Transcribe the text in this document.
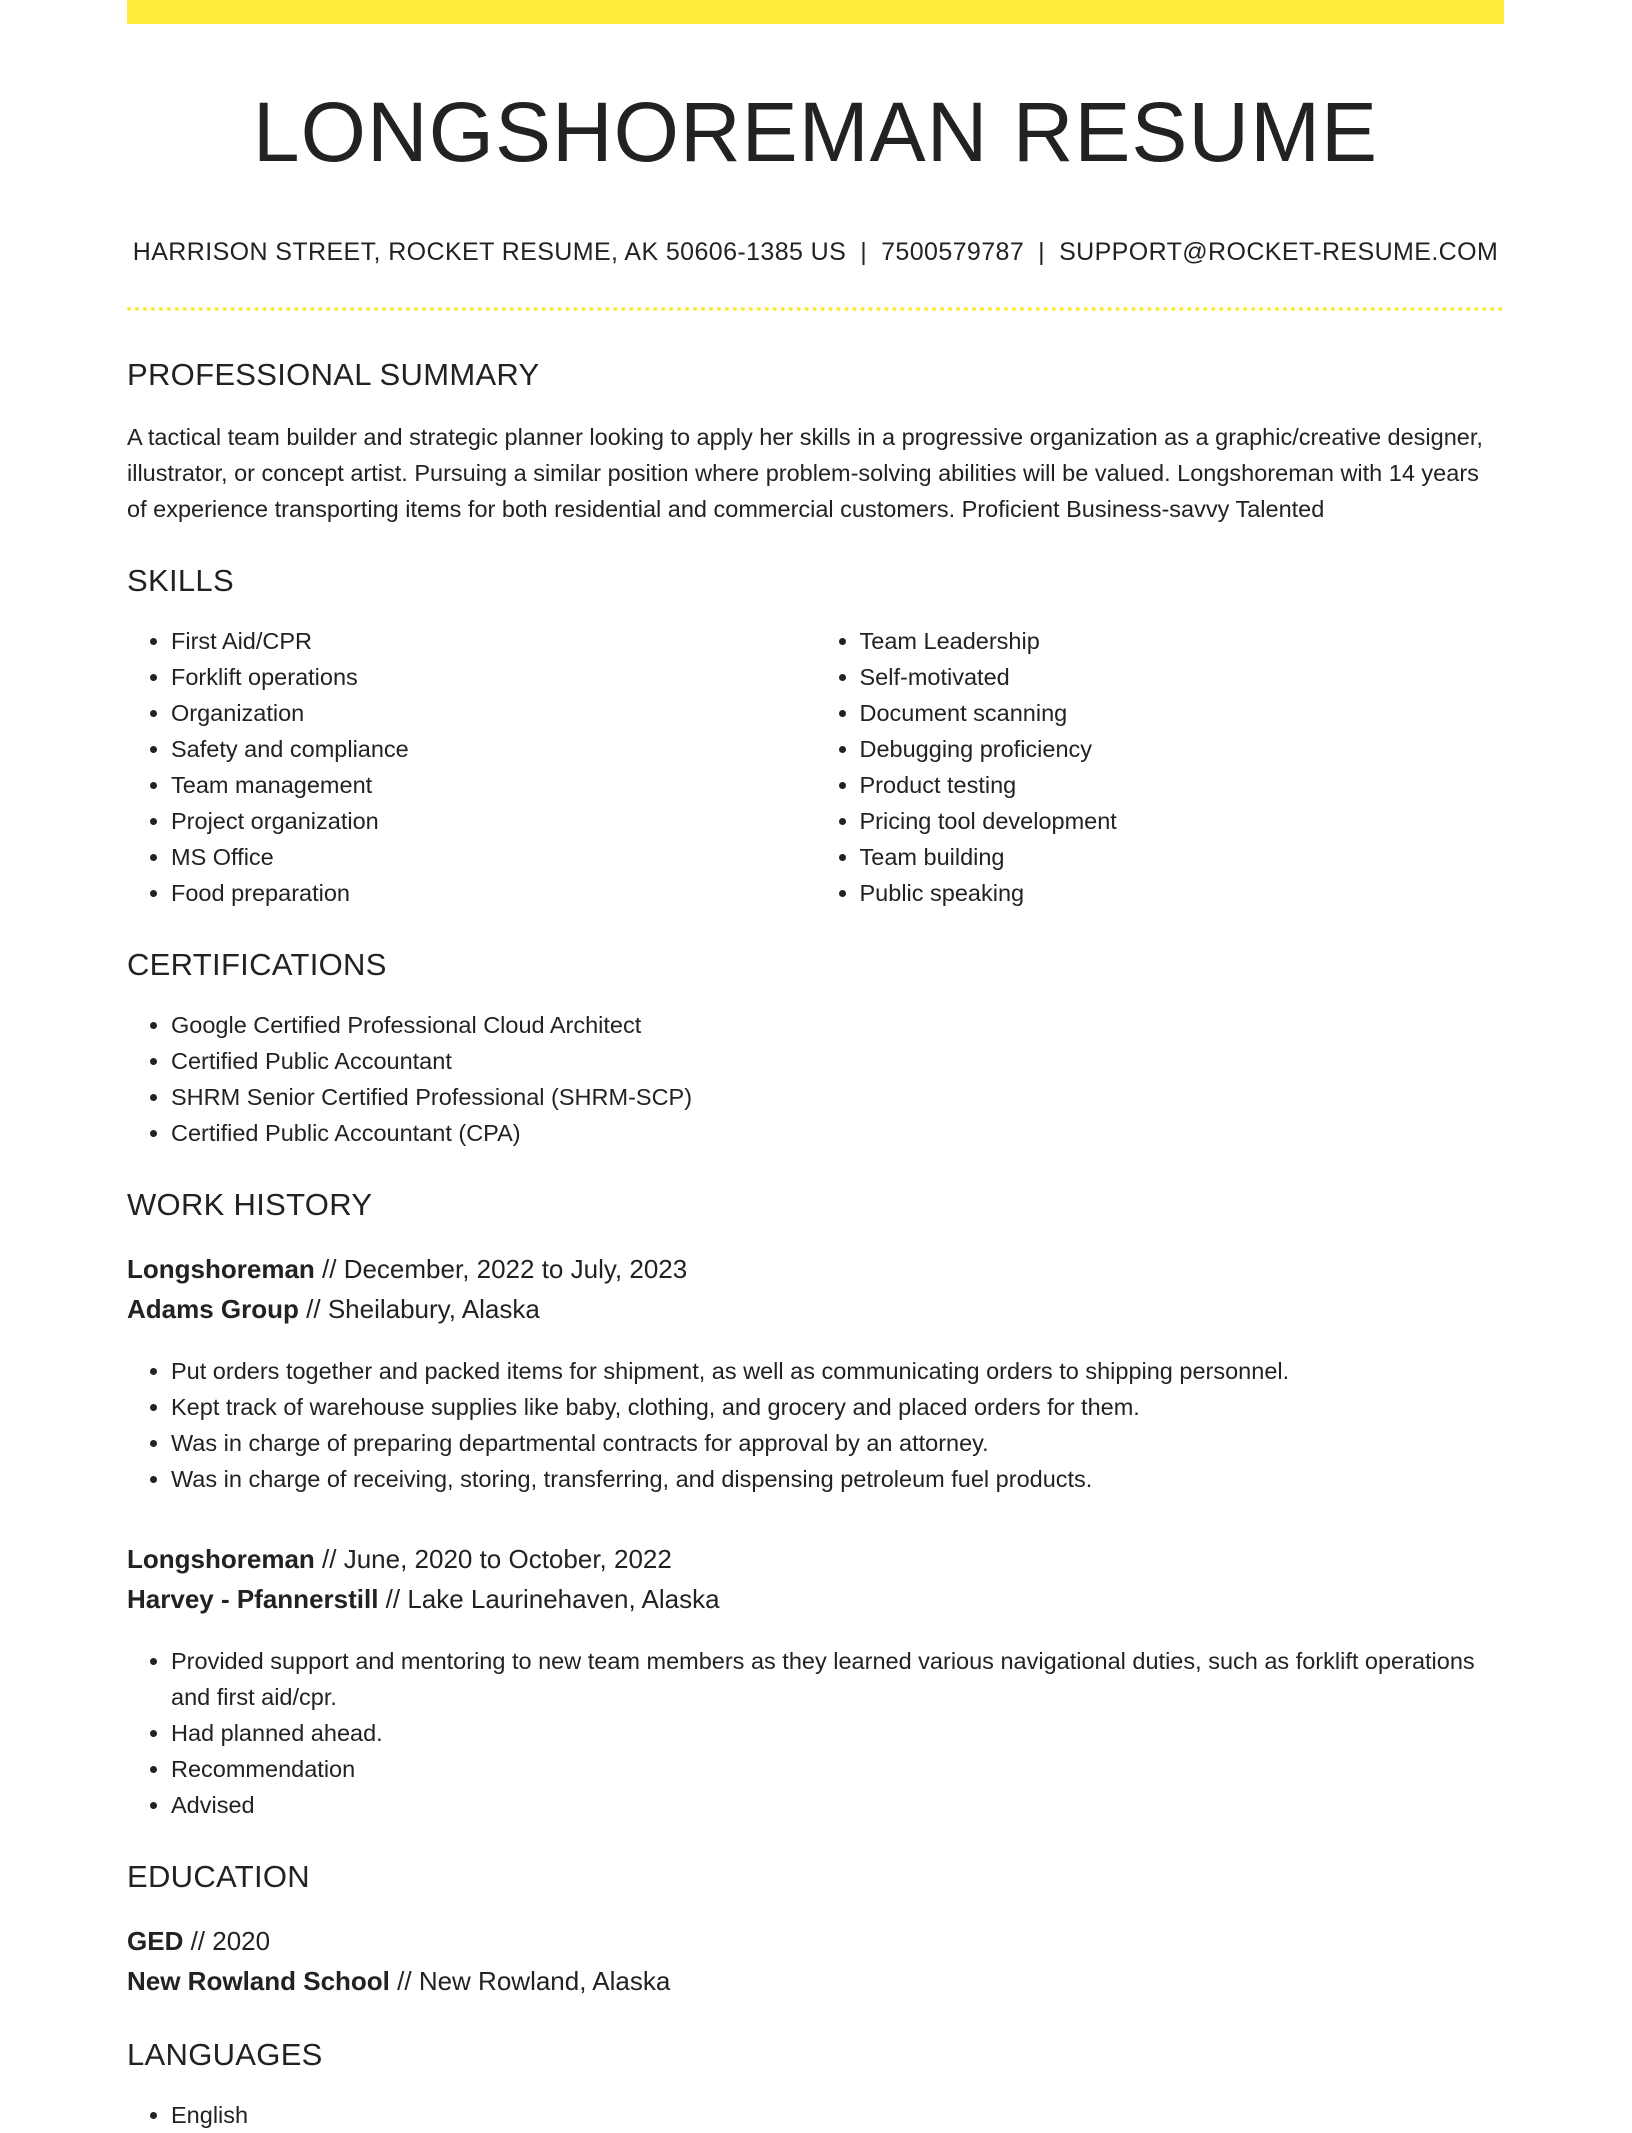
LONGSHOREMAN RESUME
HARRISON STREET, ROCKET RESUME, AK 50606-1385 US | 7500579787 | SUPPORT@ROCKET-RESUME.COM
PROFESSIONAL SUMMARY
A tactical team builder and strategic planner looking to apply her skills in a progressive organization as a graphic/creative designer, illustrator, or concept artist. Pursuing a similar position where problem-solving abilities will be valued. Longshoreman with 14 years of experience transporting items for both residential and commercial customers. Proficient Business-savvy Talented
SKILLS
• First Aid/CPR
• Forklift operations
• Organization
• Safety and compliance
• Team management
• Project organization
• MS Office
• Food preparation
• Team Leadership
• Self-motivated
• Document scanning
• Debugging proficiency
• Product testing
• Pricing tool development
• Team building
• Public speaking
CERTIFICATIONS
• Google Certified Professional Cloud Architect
• Certified Public Accountant
• SHRM Senior Certified Professional (SHRM-SCP)
• Certified Public Accountant (CPA)
WORK HISTORY
Longshoreman // December, 2022 to July, 2023
Adams Group // Sheilabury, Alaska
• Put orders together and packed items for shipment, as well as communicating orders to shipping personnel.
• Kept track of warehouse supplies like baby, clothing, and grocery and placed orders for them.
• Was in charge of preparing departmental contracts for approval by an attorney.
• Was in charge of receiving, storing, transferring, and dispensing petroleum fuel products.
Longshoreman // June, 2020 to October, 2022
Harvey - Pfannerstill // Lake Laurinehaven, Alaska
• Provided support and mentoring to new team members as they learned various navigational duties, such as forklift operations and first aid/cpr.
• Had planned ahead.
• Recommendation
• Advised
EDUCATION
GED // 2020
New Rowland School // New Rowland, Alaska
LANGUAGES
• English
